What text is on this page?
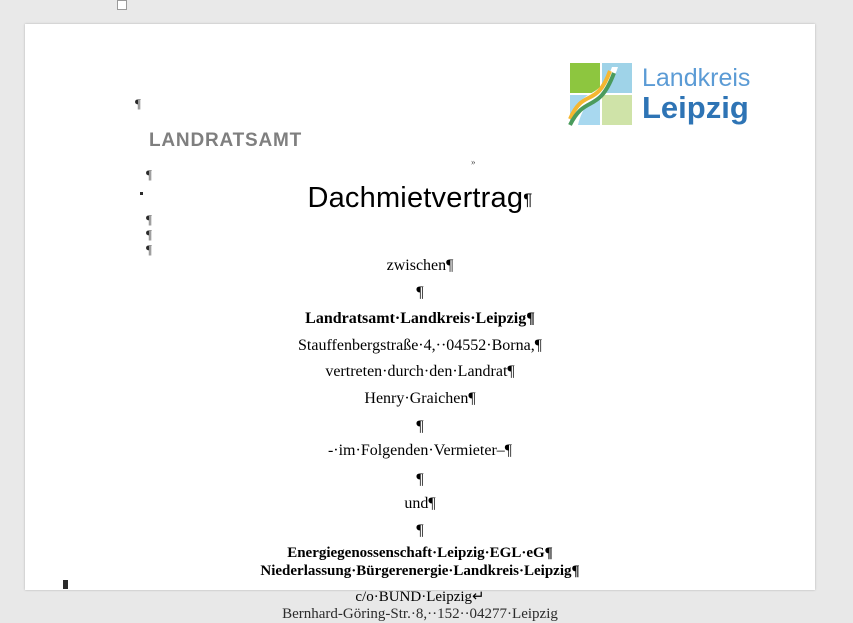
Landkreis
Leipzig
LANDRATSAMT
¶
¶
¶
¶
¶
»
Dachmietvertrag¶
zwischen¶
¶
Landratsamt·Landkreis·Leipzig¶
Stauffenbergstraße·4,··04552·Borna,¶
vertreten·durch·den·Landrat¶
Henry·Graichen¶
¶
-·im·Folgenden·Vermieter–¶
¶
und¶
¶
Energiegenossenschaft·Leipzig·EGL·eG¶
Niederlassung·Bürgerenergie·Landkreis·Leipzig¶
c/o·BUND·Leipzig↵
Bernhard-Göring-Str.·8,··152··04277·Leipzig
